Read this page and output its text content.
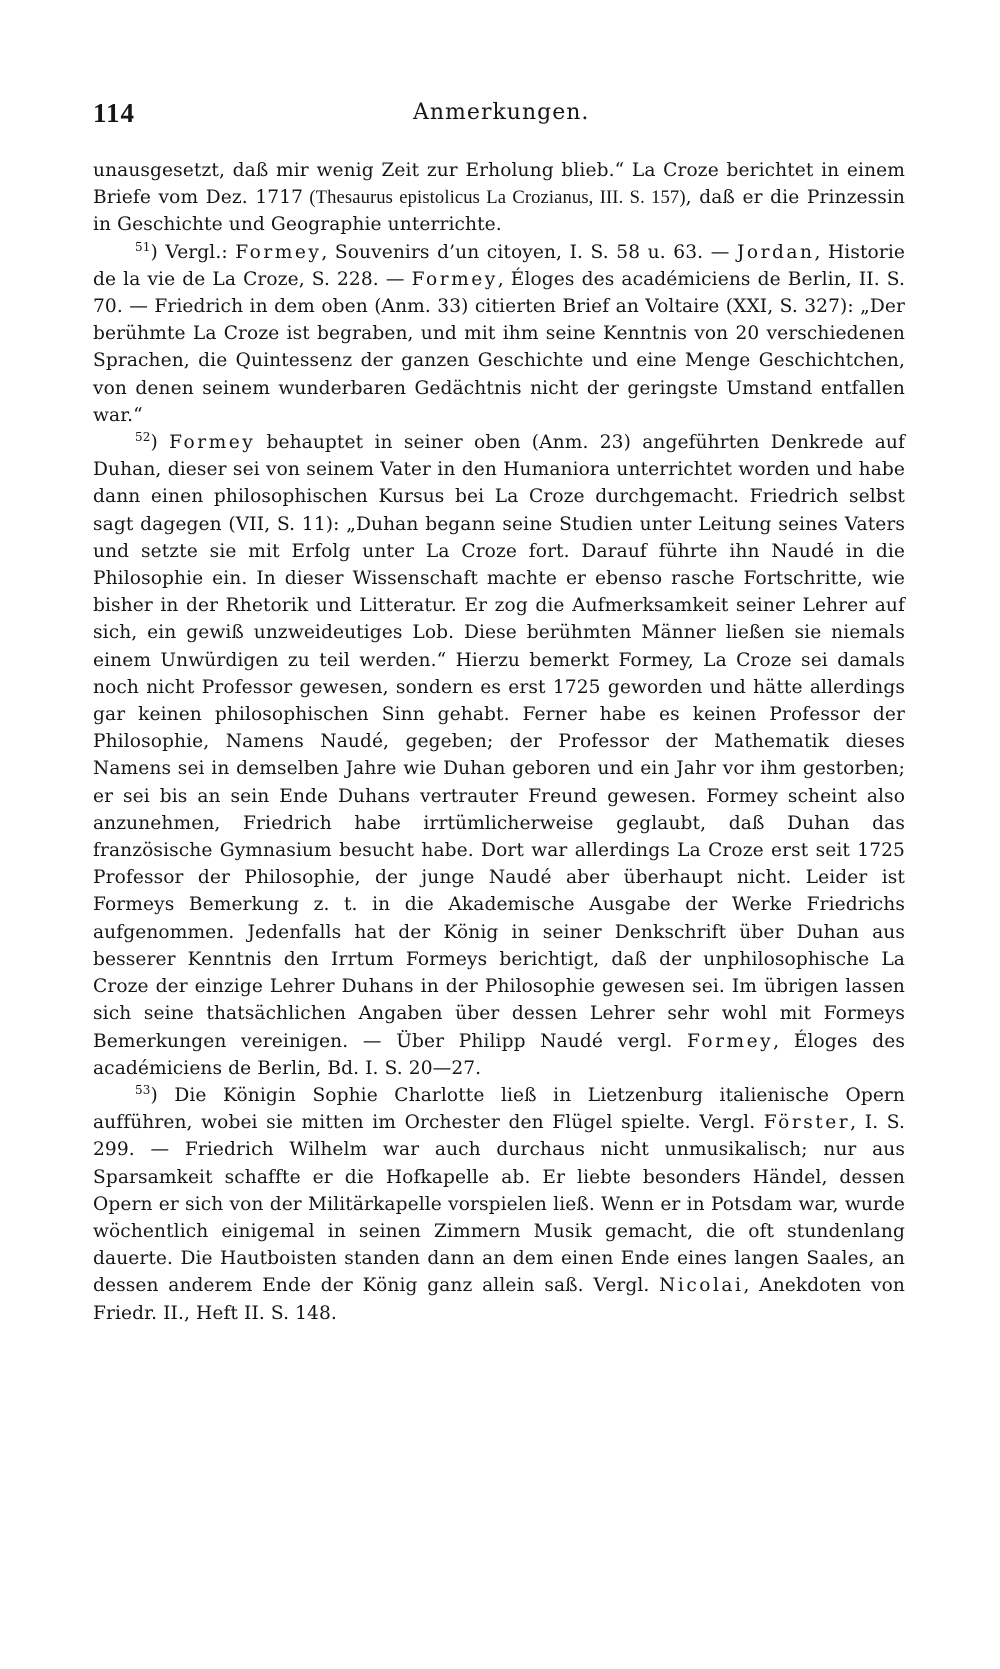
114	Anmerkungen.

unausgesetzt, daß mir wenig Zeit zur Erholung blieb.“ La Croze berichtet in einem Briefe vom Dez. 1717 (Thesaurus epistolicus La Crozianus, III. S. 157), daß er die Prinzessin in Geschichte und Geographie unterrichte.

$^{51}$) Vergl.: Formey, Souvenirs d’un citoyen, I. S. 58 u. 63. — Jordan, Historie de la vie de La Croze, S. 228. — Formey, Éloges des académiciens de Berlin, II. S. 70. — Friedrich in dem oben (Anm. 33) citierten Brief an Voltaire (XXI, S. 327): „Der berühmte La Croze ist begraben, und mit ihm seine Kenntnis von 20 verschiedenen Sprachen, die Quintessenz der ganzen Geschichte und eine Menge Geschichtchen, von denen seinem wunderbaren Gedächtnis nicht der geringste Umstand entfallen war.“

$^{52}$) Formey behauptet in seiner oben (Anm. 23) angeführten Denkrede auf Duhan, dieser sei von seinem Vater in den Humaniora unterrichtet worden und habe dann einen philosophischen Kursus bei La Croze durchgemacht. Friedrich selbst sagt dagegen (VII, S. 11): „Duhan begann seine Studien unter Leitung seines Vaters und setzte sie mit Erfolg unter La Croze fort. Darauf führte ihn Naudé in die Philosophie ein. In dieser Wissenschaft machte er ebenso rasche Fortschritte, wie bisher in der Rhetorik und Litteratur. Er zog die Aufmerksamkeit seiner Lehrer auf sich, ein gewiß unzweideutiges Lob. Diese berühmten Männer ließen sie niemals einem Unwürdigen zu teil werden.“ Hierzu bemerkt Formey, La Croze sei damals noch nicht Professor gewesen, sondern es erst 1725 geworden und hätte allerdings gar keinen philosophischen Sinn gehabt. Ferner habe es keinen Professor der Philosophie, Namens Naudé, gegeben; der Professor der Mathematik dieses Namens sei in demselben Jahre wie Duhan geboren und ein Jahr vor ihm gestorben; er sei bis an sein Ende Duhans vertrauter Freund gewesen. Formey scheint also anzunehmen, Friedrich habe irrtümlicherweise geglaubt, daß Duhan das französische Gymnasium besucht habe. Dort war allerdings La Croze erst seit 1725 Professor der Philosophie, der junge Naudé aber überhaupt nicht. Leider ist Formeys Bemerkung z. t. in die Akademische Ausgabe der Werke Friedrichs aufgenommen. Jedenfalls hat der König in seiner Denkschrift über Duhan aus besserer Kenntnis den Irrtum Formeys berichtigt, daß der unphilosophische La Croze der einzige Lehrer Duhans in der Philosophie gewesen sei. Im übrigen lassen sich seine thatsächlichen Angaben über dessen Lehrer sehr wohl mit Formeys Bemerkungen vereinigen. — Über Philipp Naudé vergl. Formey, Éloges des académiciens de Berlin, Bd. I. S. 20—27.

$^{53}$) Die Königin Sophie Charlotte ließ in Lietzenburg italienische Opern aufführen, wobei sie mitten im Orchester den Flügel spielte. Vergl. Förster, I. S. 299. — Friedrich Wilhelm war auch durchaus nicht unmusikalisch; nur aus Sparsamkeit schaffte er die Hofkapelle ab. Er liebte besonders Händel, dessen Opern er sich von der Militärkapelle vorspielen ließ. Wenn er in Potsdam war, wurde wöchentlich einigemal in seinen Zimmern Musik gemacht, die oft stundenlang dauerte. Die Hautboisten standen dann an dem einen Ende eines langen Saales, an dessen anderem Ende der König ganz allein saß. Vergl. Nicolai, Anekdoten von Friedr. II., Heft II. S. 148.
